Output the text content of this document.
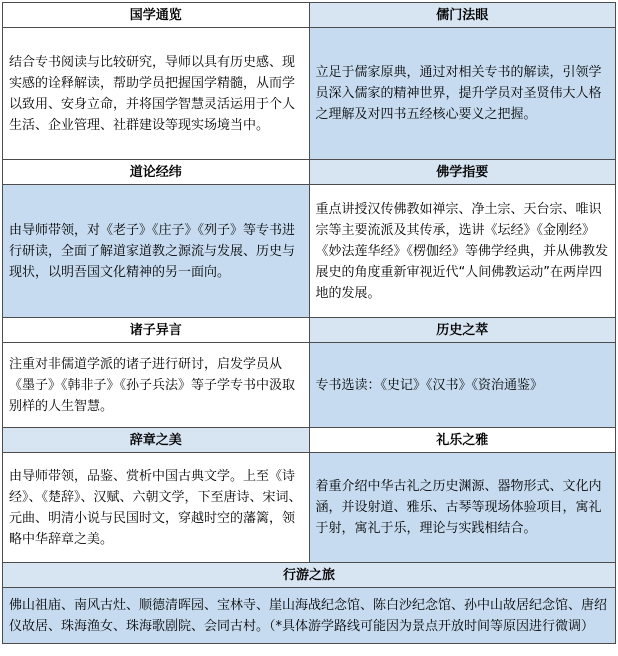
国学通览	儒门法眼
结合专书阅读与比较研究，导师以具有历史感、现实感的诠释解读，帮助学员把握国学精髓，从而学以致用、安身立命，并将国学智慧灵活运用于个人生活、企业管理、社群建设等现实场境当中。	立足于儒家原典，通过对相关专书的解读，引领学员深入儒家的精神世界，提升学员对圣贤伟大人格之理解及对四书五经核心要义之把握。
道论经纬	佛学指要
由导师带领，对《老子》《庄子》《列子》等专书进行研读，全面了解道家道教之源流与发展、历史与现状，以明吾国文化精神的另一面向。	重点讲授汉传佛教如禅宗、净土宗、天台宗、唯识宗等主要流派及其传承，选讲《坛经》《金刚经》《妙法莲华经》《楞伽经》等佛学经典，并从佛教发展史的角度重新审视近代“人间佛教运动”在两岸四地的发展。
诸子异言	历史之萃
注重对非儒道学派的诸子进行研讨，启发学员从《墨子》《韩非子》《孙子兵法》等子学专书中汲取别样的人生智慧。	专书选读：《史记》《汉书》《资治通鉴》
辞章之美	礼乐之雅
由导师带领，品鉴、赏析中国古典文学。上至《诗经》、《楚辞》、汉赋、六朝文学，下至唐诗、宋词、元曲、明清小说与民国时文，穿越时空的藩篱，领略中华辞章之美。	着重介绍中华古礼之历史渊源、器物形式、文化内涵，并设射道、雅乐、古琴等现场体验项目，寓礼于射，寓礼于乐，理论与实践相结合。
行游之旅	
佛山祖庙、南风古灶、顺德清晖园、宝林寺、崖山海战纪念馆、陈白沙纪念馆、孙中山故居纪念馆、唐绍仪故居、珠海渔女、珠海歌剧院、会同古村。（*具体游学路线可能因为景点开放时间等原因进行微调）	
